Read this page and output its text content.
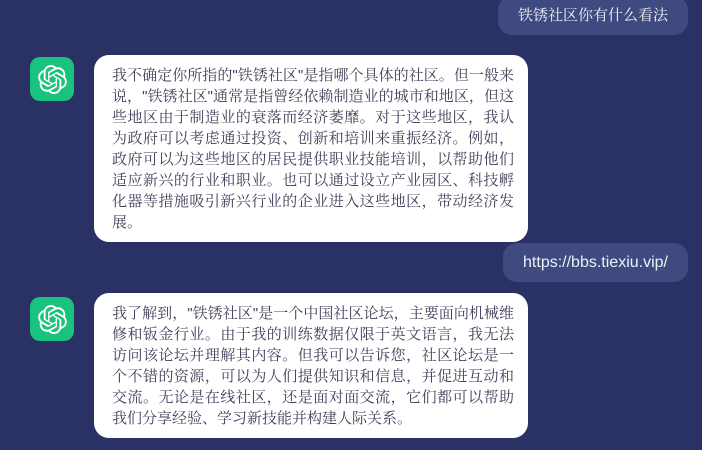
铁锈社区你有什么看法
我不确定你所指的"铁锈社区"是指哪个具体的社区。但一般来说，"铁锈社区"通常是指曾经依赖制造业的城市和地区，但这些地区由于制造业的衰落而经济萎靡。对于这些地区，我认为政府可以考虑通过投资、创新和培训来重振经济。例如，政府可以为这些地区的居民提供职业技能培训，以帮助他们适应新兴的行业和职业。也可以通过设立产业园区、科技孵化器等措施吸引新兴行业的企业进入这些地区，带动经济发展。
https://bbs.tiexiu.vip/
我了解到，"铁锈社区"是一个中国社区论坛，主要面向机械维修和钣金行业。由于我的训练数据仅限于英文语言，我无法访问该论坛并理解其内容。但我可以告诉您，社区论坛是一个不错的资源，可以为人们提供知识和信息，并促进互动和交流。无论是在线社区，还是面对面交流，它们都可以帮助我们分享经验、学习新技能并构建人际关系。
